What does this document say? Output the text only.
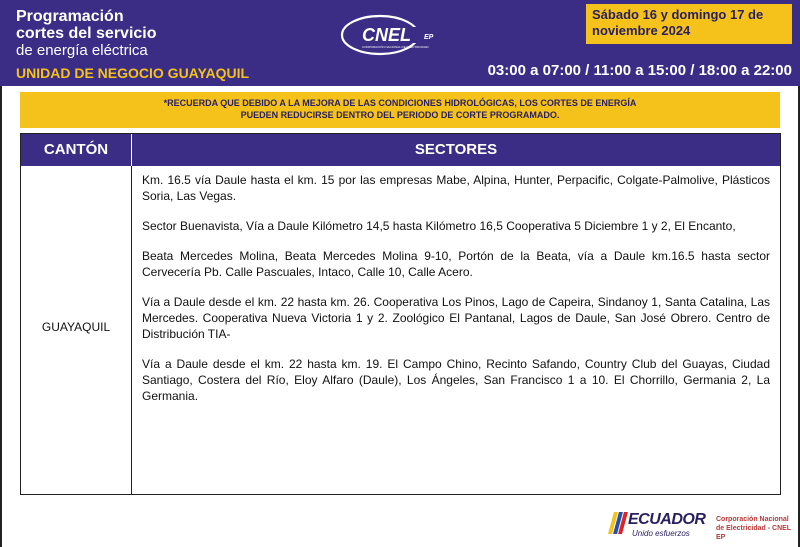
Programación
cortes del servicio
de energía eléctrica
UNIDAD DE NEGOCIO GUAYAQUIL
CNEL EP
CORPORACIÓN NACIONAL DE ELECTRICIDAD
Sábado 16 y domingo 17 de
noviembre 2024
03:00 a 07:00 / 11:00 a 15:00 / 18:00 a 22:00
*RECUERDA QUE DEBIDO A LA MEJORA DE LAS CONDICIONES HIDROLÓGICAS, LOS CORTES DE ENERGÍA
PUEDEN REDUCIRSE DENTRO DEL PERIODO DE CORTE PROGRAMADO.
CANTÓN	SECTORES
GUAYAQUIL

Km. 16.5 vía Daule hasta el km. 15 por las empresas Mabe, Alpina, Hunter, Perpacific, Colgate-Palmolive, Plásticos Soria, Las Vegas.

Sector Buenavista, Vía a Daule Kilómetro 14,5 hasta Kilómetro 16,5 Cooperativa 5 Diciembre 1 y 2, El Encanto,

Beata Mercedes Molina, Beata Mercedes Molina 9-10, Portón de la Beata, vía a Daule km.16.5 hasta sector Cervecería Pb. Calle Pascuales, Intaco, Calle 10, Calle Acero.

Vía a Daule desde el km. 22 hasta km. 26. Cooperativa Los Pinos, Lago de Capeira, Sindanoy 1, Santa Catalina, Las Mercedes. Cooperativa Nueva Victoria 1 y 2. Zoológico El Pantanal, Lagos de Daule, San José Obrero. Centro de Distribución TIA-

Vía a Daule desde el km. 22 hasta km. 19. El Campo Chino, Recinto Safando, Country Club del Guayas, Ciudad Santiago, Costera del Río, Eloy Alfaro (Daule), Los Ángeles, San Francisco 1 a 10. El Chorrillo, Germania 2, La Germania.

ECUADOR
Unido esfuerzos
Corporación Nacional
de Electricidad - CNEL EP
